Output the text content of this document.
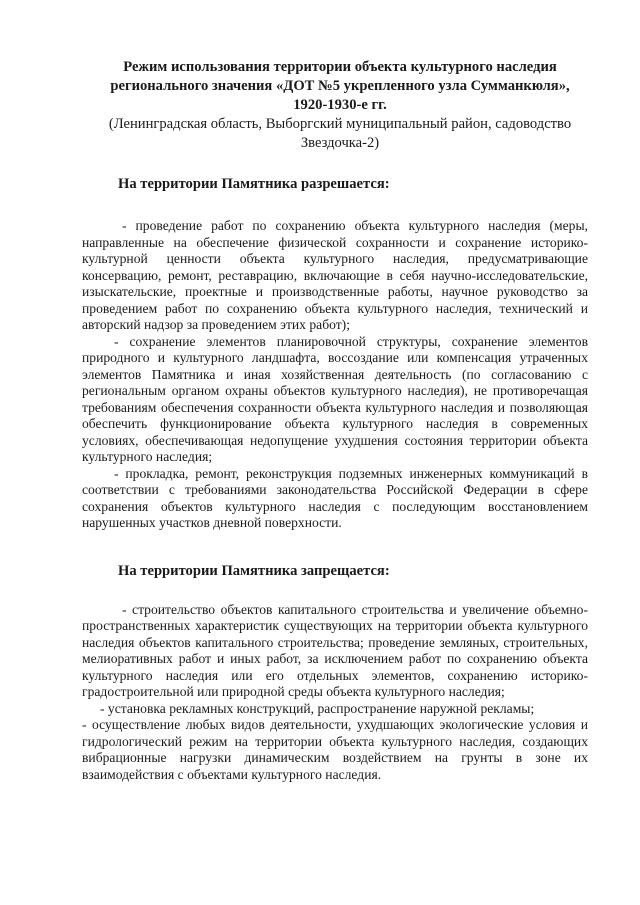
Режим использования территории объекта культурного наследия
регионального значения «ДОТ №5 укрепленного узла Сумманкюля»,
1920-1930-е гг.
(Ленинградская область, Выборгский муниципальный район, садоводство
Звездочка-2)

На территории Памятника разрешается:

- проведение работ по сохранению объекта культурного наследия (меры, направленные на обеспечение физической сохранности и сохранение историко-культурной ценности объекта культурного наследия, предусматривающие консервацию, ремонт, реставрацию, включающие в себя научно-исследовательские, изыскательские, проектные и производственные работы, научное руководство за проведением работ по сохранению объекта культурного наследия, технический и авторский надзор за проведением этих работ);

- сохранение элементов планировочной структуры, сохранение элементов природного и культурного ландшафта, воссоздание или компенсация утраченных элементов Памятника и иная хозяйственная деятельность (по согласованию с региональным органом охраны объектов культурного наследия), не противоречащая требованиям обеспечения сохранности объекта культурного наследия и позволяющая обеспечить функционирование объекта культурного наследия в современных условиях, обеспечивающая недопущение ухудшения состояния территории объекта культурного наследия;

- прокладка, ремонт, реконструкция подземных инженерных коммуникаций в соответствии с требованиями законодательства Российской Федерации в сфере сохранения объектов культурного наследия с последующим восстановлением нарушенных участков дневной поверхности.

На территории Памятника запрещается:

- строительство объектов капитального строительства и увеличение объемно-пространственных характеристик существующих на территории объекта культурного наследия объектов капитального строительства; проведение земляных, строительных, мелиоративных работ и иных работ, за исключением работ по сохранению объекта культурного наследия или его отдельных элементов, сохранению историко-градостроительной или природной среды объекта культурного наследия;

- установка рекламных конструкций, распространение наружной рекламы;

- осуществление любых видов деятельности, ухудшающих экологические условия и гидрологический режим на территории объекта культурного наследия, создающих вибрационные нагрузки динамическим воздействием на грунты в зоне их взаимодействия с объектами культурного наследия.
